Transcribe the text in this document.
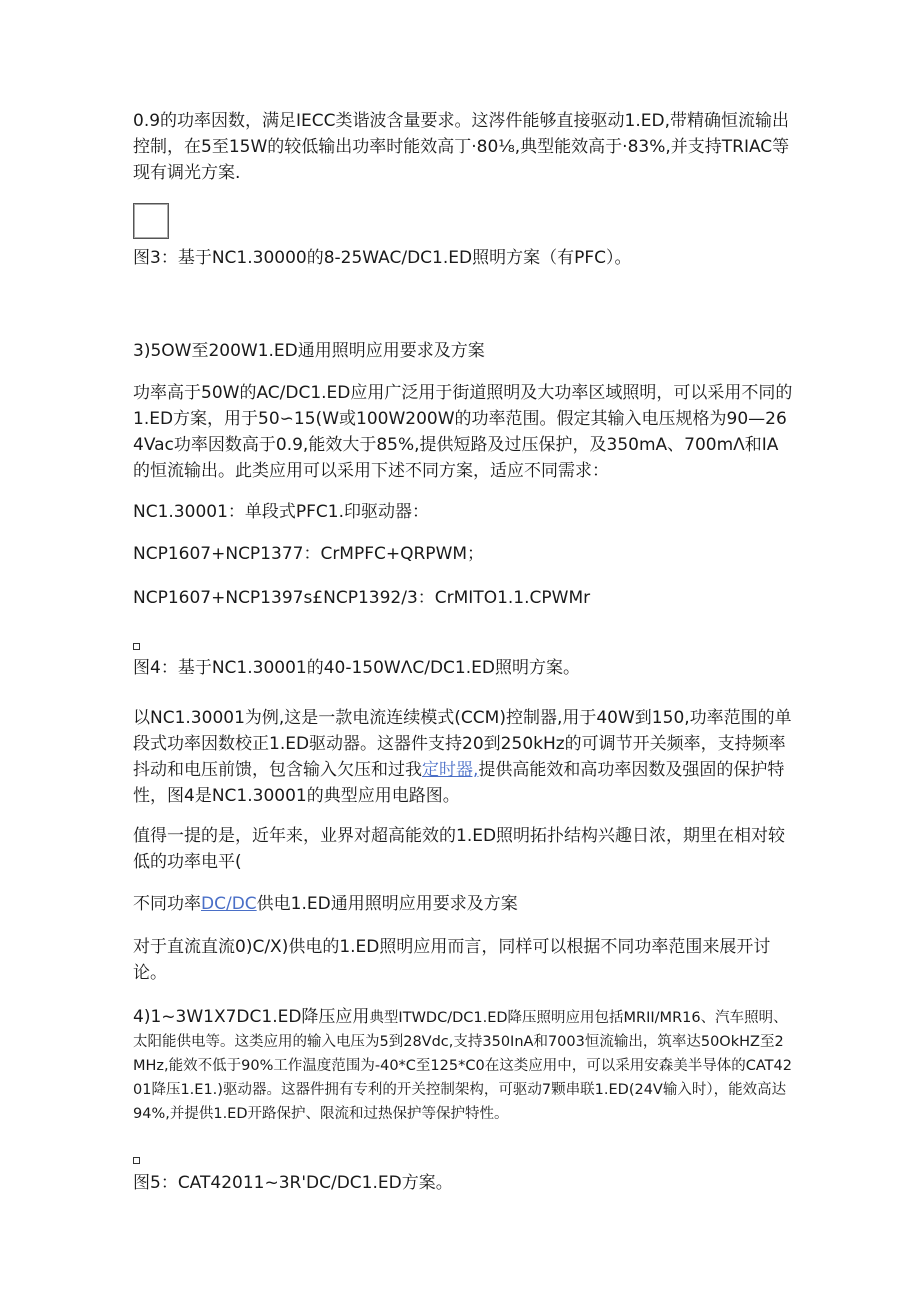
0.9的功率因数，满足IECC类谐波含量要求。这涔件能够直接驱动1.ED,带精确恒流输出控制，在5至15W的较低输出功率时能效高丁·80⅛,典型能效高于·83%,并支持TRIAC等现有调光方案.

图3：基于NC1.30000的8-25WAC/DC1.ED照明方案（有PFC）。

3)5OW至200W1.ED通用照明应用要求及方案

功率高于50W的AC/DC1.ED应用广泛用于街道照明及大功率区域照明，可以采用不同的1.ED方案，用于50∽15(W或100W200W的功率范围。假定其输入电压规格为90—264Vac功率因数高于0.9,能效大于85%,提供短路及过压保护，及350mA、700mΛ和IA的恒流输出。此类应用可以采用下述不同方案，适应不同需求：

NC1.30001：单段式PFC1.印驱动器：

NCP1607+NCP1377：CrMPFC+QRPWM；

NCP1607+NCP1397s£NCP1392/3：CrMITO1.1.CPWMr

图4：基于NC1.30001的40-150WΛC/DC1.ED照明方案。

以NC1.30001为例,这是一款电流连续模式(CCM)控制器,用于40W到150,功率范围的单段式功率因数校正1.ED驱动器。这器件支持20到250kHz的可调节开关频率，支持频率抖动和电压前馈，包含输入欠压和过我定时器,提供高能效和高功率因数及强固的保护特性，图4是NC1.30001的典型应用电路图。

值得一提的是，近年来，业界对超高能效的1.ED照明拓扑结构兴趣日浓，期里在相对较低的功率电平(

不同功率DC/DC供电1.ED通用照明应用要求及方案

对于直流直流0)C/X)供电的1.ED照明应用而言，同样可以根据不同功率范围来展开讨论。

4)1~3W1X7DC1.ED降压应用典型ITWDC/DC1.ED降压照明应用包括MRII/MR16、汽车照明、太阳能供电等。这类应用的输入电压为5到28Vdc,支持350InA和7003恒流输出，筑率达50OkHZ至2MHz,能效不低于90%工作温度范围为-40*C至125*C0在这类应用中，可以采用安森美半导体的CAT4201降压1.E1.)驱动器。这器件拥有专利的开关控制架构，可驱动7颗串联1.ED(24V输入时），能效高达94%,并提供1.ED开路保护、限流和过热保护等保护特性。

图5：CAT42011~3R'DC/DC1.ED方案。
